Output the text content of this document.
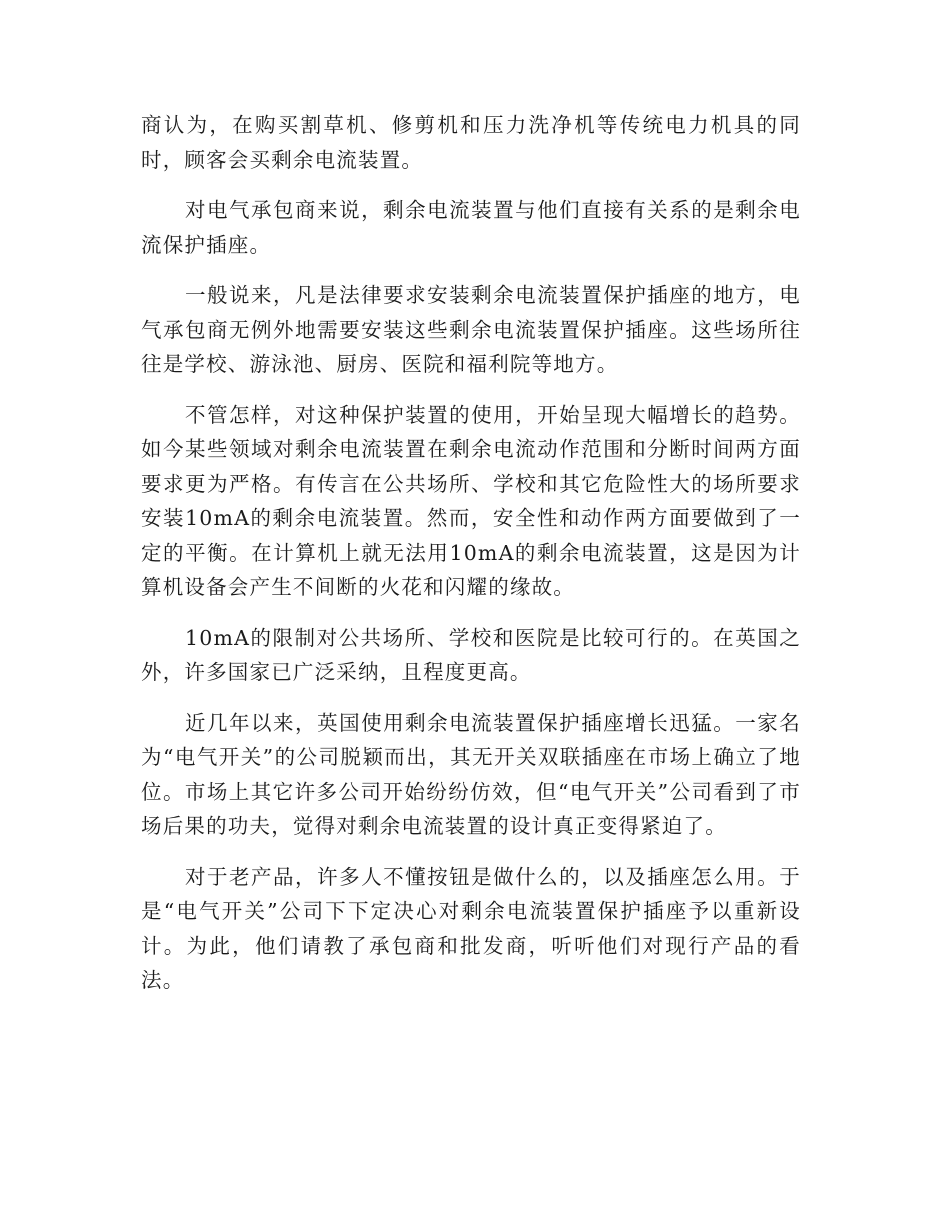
商认为，在购买割草机、修剪机和压力洗净机等传统电力机具的同时，顾客会买剩余电流装置。

对电气承包商来说，剩余电流装置与他们直接有关系的是剩余电流保护插座。

一般说来，凡是法律要求安装剩余电流装置保护插座的地方，电气承包商无例外地需要安装这些剩余电流装置保护插座。这些场所往往是学校、游泳池、厨房、医院和福利院等地方。

不管怎样，对这种保护装置的使用，开始呈现大幅增长的趋势。如今某些领域对剩余电流装置在剩余电流动作范围和分断时间两方面要求更为严格。有传言在公共场所、学校和其它危险性大的场所要求安装10mA的剩余电流装置。然而，安全性和动作两方面要做到了一定的平衡。在计算机上就无法用10mA的剩余电流装置，这是因为计算机设备会产生不间断的火花和闪耀的缘故。

10mA的限制对公共场所、学校和医院是比较可行的。在英国之外，许多国家已广泛采纳，且程度更高。

近几年以来，英国使用剩余电流装置保护插座增长迅猛。一家名为“电气开关”的公司脱颖而出，其无开关双联插座在市场上确立了地位。市场上其它许多公司开始纷纷仿效，但“电气开关”公司看到了市场后果的功夫，觉得对剩余电流装置的设计真正变得紧迫了。

对于老产品，许多人不懂按钮是做什么的，以及插座怎么用。于是“电气开关”公司下下定决心对剩余电流装置保护插座予以重新设计。为此，他们请教了承包商和批发商，听听他们对现行产品的看法。
